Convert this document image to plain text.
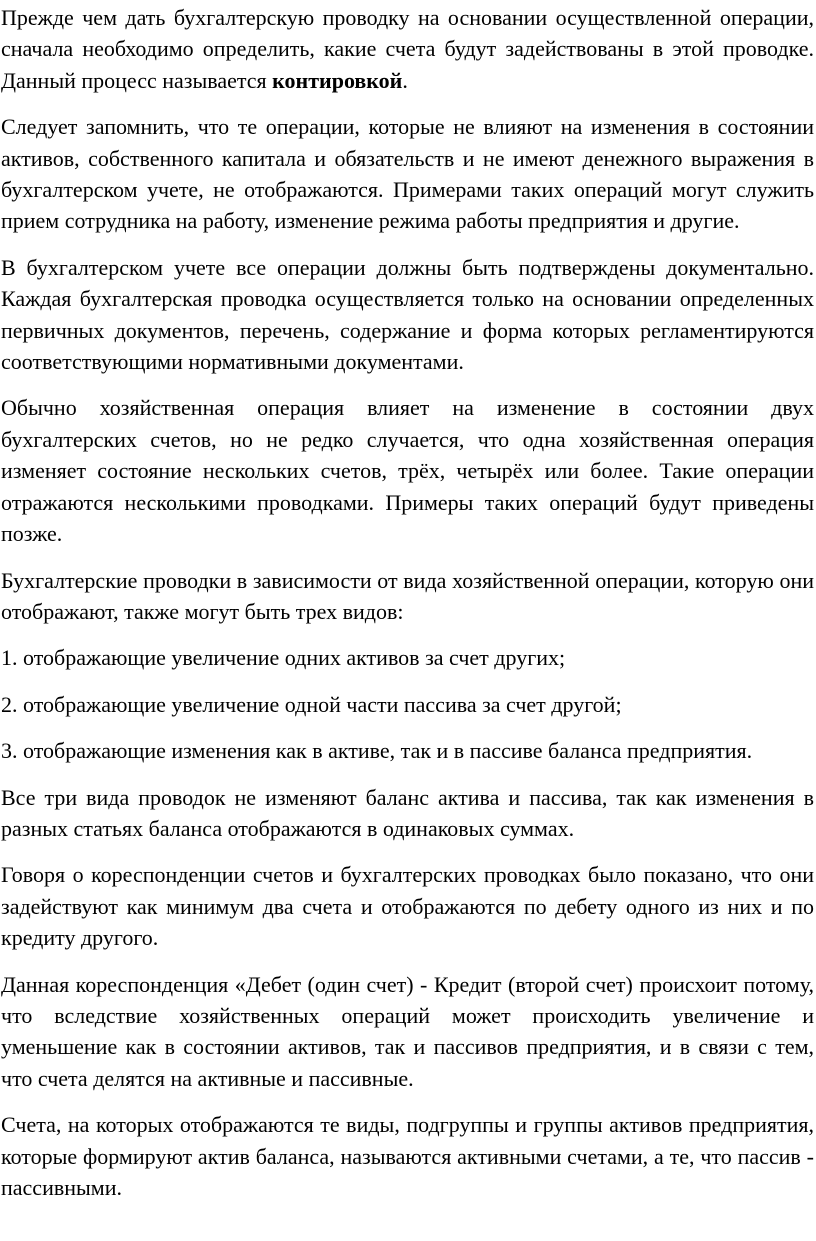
Прежде чем дать бухгалтерскую проводку на основании осуществленной операции, сначала необходимо определить, какие счета будут задействованы в этой проводке. Данный процесс называется контировкой.

Следует запомнить, что те операции, которые не влияют на изменения в состоянии активов, собственного капитала и обязательств и не имеют денежного выражения в бухгалтерском учете, не отображаются. Примерами таких операций могут служить прием сотрудника на работу, изменение режима работы предприятия и другие.

В бухгалтерском учете все операции должны быть подтверждены документально. Каждая бухгалтерская проводка осуществляется только на основании определенных первичных документов, перечень, содержание и форма которых регламентируются соответствующими нормативными документами.

Обычно хозяйственная операция влияет на изменение в состоянии двух бухгалтерских счетов, но не редко случается, что одна хозяйственная операция изменяет состояние нескольких счетов, трёх, четырёх или более. Такие операции отражаются несколькими проводками. Примеры таких операций будут приведены позже.

Бухгалтерские проводки в зависимости от вида хозяйственной операции, которую они отображают, также могут быть трех видов:

1. отображающие увеличение одних активов за счет других;

2. отображающие увеличение одной части пассива за счет другой;

3. отображающие изменения как в активе, так и в пассиве баланса предприятия.

Все три вида проводок не изменяют баланс актива и пассива, так как изменения в разных статьях баланса отображаются в одинаковых суммах.

Говоря о кореспонденции счетов и бухгалтерских проводках было показано, что они задействуют как минимум два счета и отображаются по дебету одного из них и по кредиту другого.

Данная кореспонденция «Дебет (один счет) - Кредит (второй счет) происхоит потому, что вследствие хозяйственных операций может происходить увеличение и уменьшение как в состоянии активов, так и пассивов предприятия, и в связи с тем, что счета делятся на активные и пассивные.

Счета, на которых отображаются те виды, подгруппы и группы активов предприятия, которые формируют актив баланса, называются активными счетами, а те, что пассив - пассивными.
